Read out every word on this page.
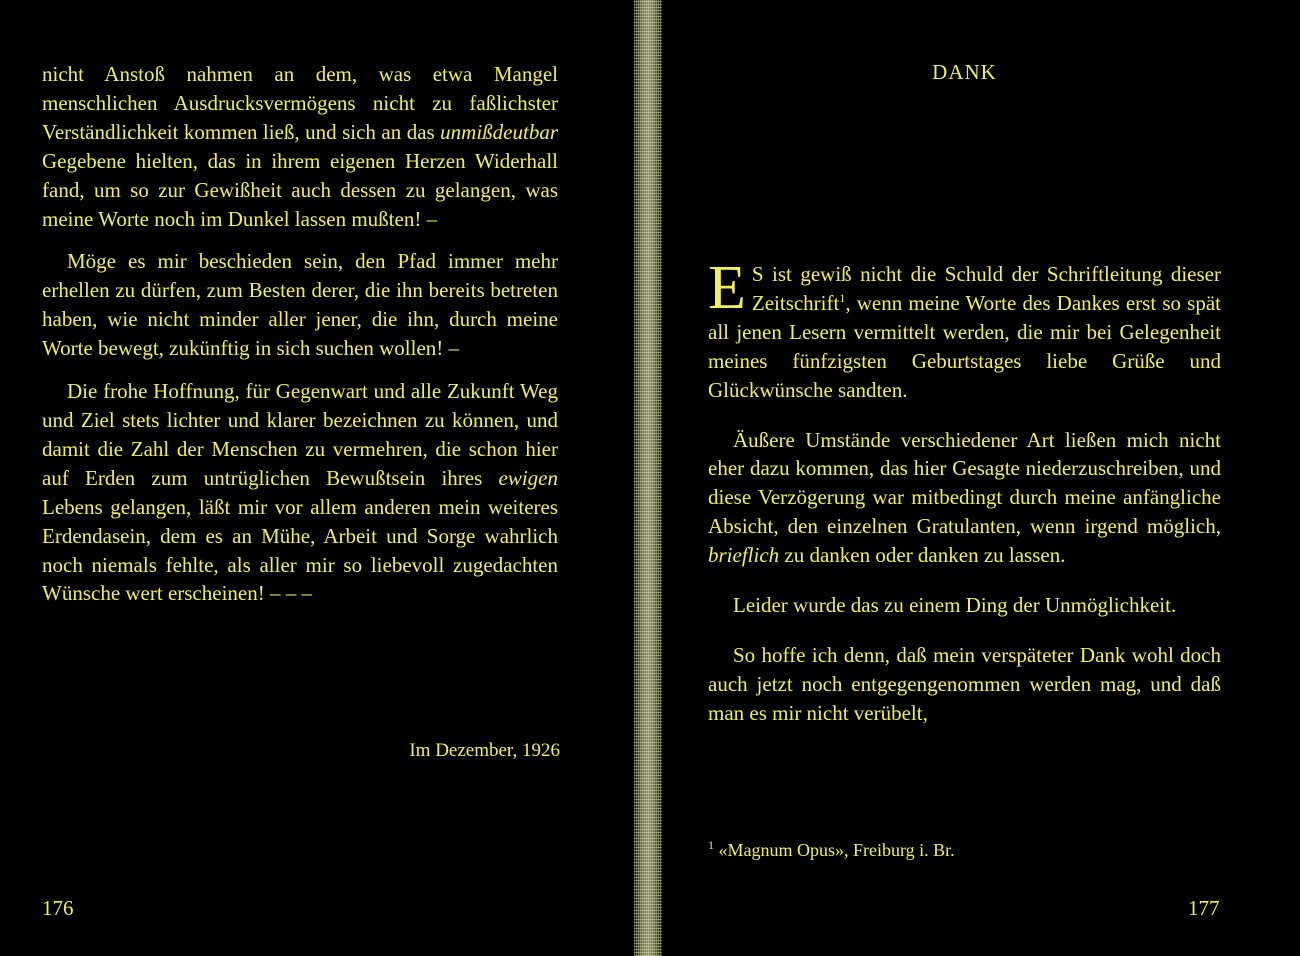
nicht Anstoß nahmen an dem, was etwa Mangel menschlichen Ausdrucksvermögens nicht zu faßlichster Verständlichkeit kommen ließ, und sich an das unmißdeutbar Gegebene hielten, das in ihrem eigenen Herzen Widerhall fand, um so zur Gewißheit auch dessen zu gelangen, was meine Worte noch im Dunkel lassen mußten! –

Möge es mir beschieden sein, den Pfad immer mehr erhellen zu dürfen, zum Besten derer, die ihn bereits betreten haben, wie nicht minder aller jener, die ihn, durch meine Worte bewegt, zukünftig in sich suchen wollen! –

Die frohe Hoffnung, für Gegenwart und alle Zukunft Weg und Ziel stets lichter und klarer bezeichnen zu können, und damit die Zahl der Menschen zu vermehren, die schon hier auf Erden zum untrüglichen Bewußtsein ihres ewigen Lebens gelangen, läßt mir vor allem anderen mein weiteres Erdendasein, dem es an Mühe, Arbeit und Sorge wahrlich noch niemals fehlte, als aller mir so liebevoll zugedachten Wünsche wert erscheinen! – – –

Im Dezember, 1926
176
DANK

E S ist gewiß nicht die Schuld der Schriftleitung dieser Zeitschrift$^1$, wenn meine Worte des Dankes erst so spät all jenen Lesern vermittelt werden, die mir bei Gelegenheit meines fünfzigsten Geburtstages liebe Grüße und Glückwünsche sandten.

Äußere Umstände verschiedener Art ließen mich nicht eher dazu kommen, das hier Gesagte niederzuschreiben, und diese Verzögerung war mitbedingt durch meine anfängliche Absicht, den einzelnen Gratulanten, wenn irgend möglich, brieflich zu danken oder danken zu lassen.

Leider wurde das zu einem Ding der Unmöglichkeit.

So hoffe ich denn, daß mein verspäteter Dank wohl doch auch jetzt noch entgegengenommen werden mag, und daß man es mir nicht verübelt,

$^1$ «Magnum Opus», Freiburg i. Br.
177
